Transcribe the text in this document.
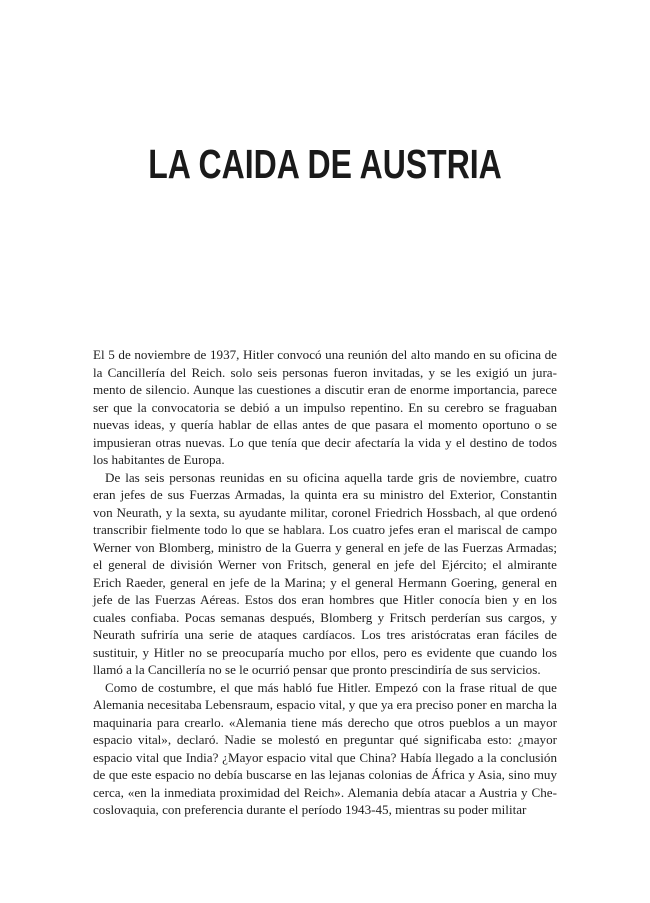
LA CAIDA DE AUSTRIA

El 5 de noviembre de 1937, Hitler convocó una reunión del alto mando en su oficina de la Cancillería del Reich. solo seis personas fueron invitadas, y se les exigió un juramento de silencio. Aunque las cuestiones a discutir eran de enorme importancia, parece ser que la convocatoria se debió a un impulso repentino. En su cerebro se fraguaban nuevas ideas, y quería hablar de ellas antes de que pasara el momento oportuno o se impusieran otras nuevas. Lo que tenía que decir afectaría la vida y el destino de todos los habitantes de Europa.

De las seis personas reunidas en su oficina aquella tarde gris de noviembre, cuatro eran jefes de sus Fuerzas Armadas, la quinta era su ministro del Exterior, Constantin von Neurath, y la sexta, su ayudante militar, coronel Friedrich Hossbach, al que ordenó transcribir fielmente todo lo que se hablara. Los cuatro jefes eran el mariscal de campo Werner von Blomberg, ministro de la Guerra y general en jefe de las Fuerzas Armadas; el general de división Werner von Fritsch, general en jefe del Ejército; el almirante Erich Raeder, general en jefe de la Marina; y el general Hermann Goering, general en jefe de las Fuerzas Aéreas. Estos dos eran hombres que Hitler conocía bien y en los cuales confiaba. Pocas semanas después, Blomberg y Fritsch perderían sus cargos, y Neurath sufriría una serie de ataques cardíacos. Los tres aristócratas eran fáciles de sustituir, y Hitler no se preocuparía mucho por ellos, pero es evidente que cuando los llamó a la Cancillería no se le ocurrió pensar que pronto prescindiría de sus servicios.

Como de costumbre, el que más habló fue Hitler. Empezó con la frase ritual de que Alemania necesitaba Lebensraum, espacio vital, y que ya era preciso poner en marcha la maquinaria para crearlo. «Alemania tiene más derecho que otros pueblos a un mayor espacio vital», declaró. Nadie se molestó en preguntar qué significaba esto: ¿mayor espacio vital que India? ¿Mayor espacio vital que China? Había llegado a la conclusión de que este espacio no debía buscarse en las lejanas colonias de África y Asia, sino muy cerca, «en la inmediata proximidad del Reich». Alemania debía atacar a Austria y Checoslovaquia, con preferencia durante el período 1943-45, mientras su poder militar
